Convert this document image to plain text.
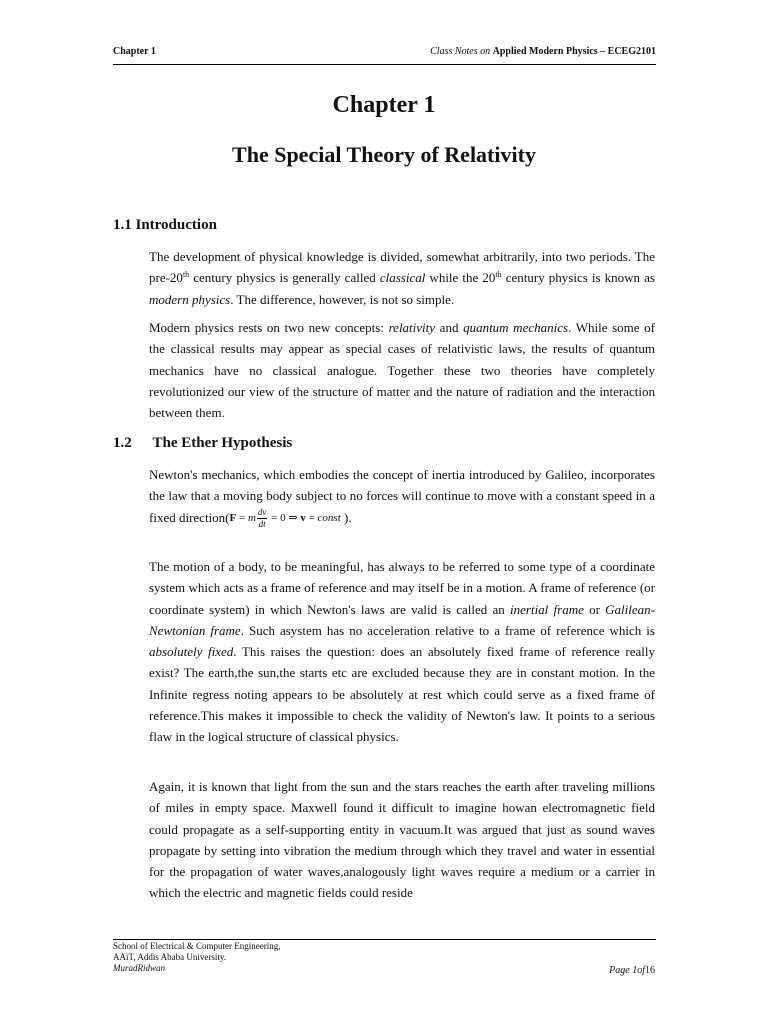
Chapter 1	Class Notes on Applied Modern Physics – ECEG2101
Chapter 1
The Special Theory of Relativity
1.1 Introduction

The development of physical knowledge is divided, somewhat arbitrarily, into two periods. The pre-20th century physics is generally called classical while the 20th century physics is known as modern physics. The difference, however, is not so simple.

Modern physics rests on two new concepts: relativity and quantum mechanics. While some of the classical results may appear as special cases of relativistic laws, the results of quantum mechanics have no classical analogue. Together these two theories have completely revolutionized our view of the structure of matter and the nature of radiation and the interaction between them.

1.2 The Ether Hypothesis

Newton's mechanics, which embodies the concept of inertia introduced by Galileo, incorporates the law that a moving body subject to no forces will continue to move with a constant speed in a fixed direction(F = m $\frac{dv}{dt} = 0$ ⇒ v = const ).

The motion of a body, to be meaningful, has always to be referred to some type of a coordinate system which acts as a frame of reference and may itself be in a motion. A frame of reference (or coordinate system) in which Newton's laws are valid is called an inertial frame or Galilean-Newtonian frame. Such asystem has no acceleration relative to a frame of reference which is absolutely fixed. This raises the question: does an absolutely fixed frame of reference really exist? The earth,the sun,the starts etc are excluded because they are in constant motion. In the Infinite regress noting appears to be absolutely at rest which could serve as a fixed frame of reference.This makes it impossible to check the validity of Newton's law. It points to a serious flaw in the logical structure of classical physics.

Again, it is known that light from the sun and the stars reaches the earth after traveling millions of miles in empty space. Maxwell found it difficult to imagine howan electromagnetic field could propagate as a self-supporting entity in vacuum.It was argued that just as sound waves propagate by setting into vibration the medium through which they travel and water in essential for the propagation of water waves,analogously light waves require a medium or a carrier in which the electric and magnetic fields could reside

School of Electrical & Computer Engineering,
AAiT, Addis Ababa University.
MuradRidwan	Page 1of16
